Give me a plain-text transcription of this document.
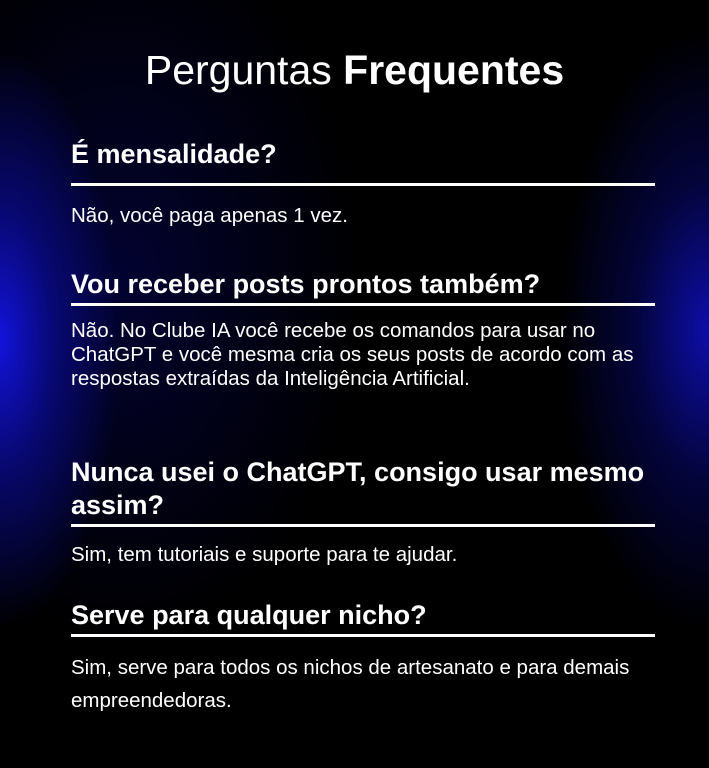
Perguntas Frequentes
É mensalidade?

Não, você paga apenas 1 vez.

Vou receber posts prontos também?

Não. No Clube IA você recebe os comandos para usar no ChatGPT e você mesma cria os seus posts de acordo com as respostas extraídas da Inteligência Artificial.

Nunca usei o ChatGPT, consigo usar mesmo assim?

Sim, tem tutoriais e suporte para te ajudar.

Serve para qualquer nicho?

Sim, serve para todos os nichos de artesanato e para demais empreendedoras.
